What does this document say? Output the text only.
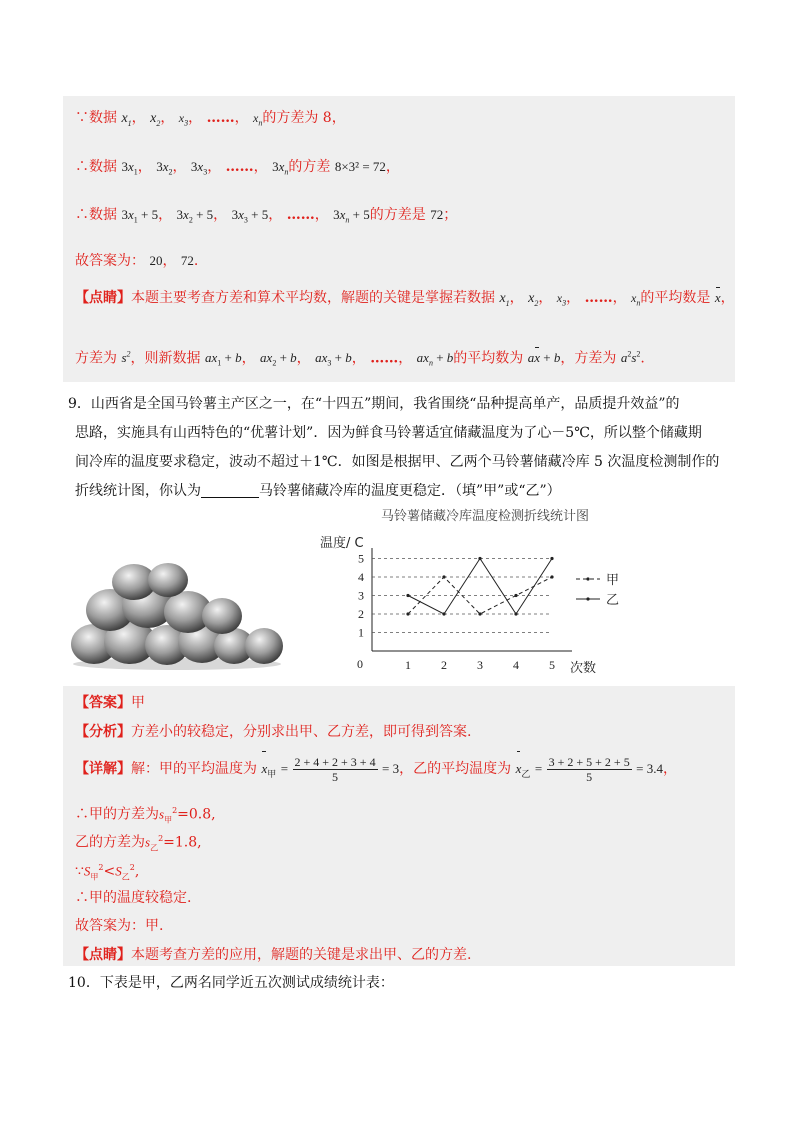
∵数据 $x_1$， $x_2$， $x_3$， ……， $x_n$的方差为 8，
∴数据 $3x_1$， $3x_2$， $3x_3$， ……， $3x_n$的方差 8×3² = 72，
∴数据 $3x_1 + 5$， $3x_2 + 5$， $3x_3 + 5$， ……， $3x_n + 5$的方差是 72；
故答案为： 20， 72.
【点睛】本题主要考查方差和算术平均数，解题的关键是掌握若数据 $x_1$， $x_2$， $x_3$， ……， $x_n$的平均数是 x，
方差为 $s^2$，则新数据 $ax_1 + b$， $ax_2 + b$， $ax_3 + b$， ……， $ax_n + b$的平均数为 ax + b，方差为 $a^2s^2$.
9．山西省是全国马铃薯主产区之一，在“十四五”期间，我省围绕“品种提高单产，品质提升效益”的
思路，实施具有山西特色的“优薯计划”．因为鲜食马铃薯适宜储藏温度为了心－5℃，所以整个储藏期
间冷库的温度要求稳定，波动不超过＋1℃．如图是根据甲、乙两个马铃薯储藏冷库 5 次温度检测制作的
折线统计图，你认为	马铃薯储藏冷库的温度更稳定．（填”甲”或“乙”）
马铃薯储藏冷库温度检测折线统计图
温度/ C
次数
0
1
2
3
4
5
1	2	3	4	5
甲
乙
【答案】甲
【分析】方差小的较稳定，分别求出甲、乙方差，即可得到答案.
【详解】解：甲的平均温度为 $x_甲 = \frac{2 + 4 + 2 + 3 + 4}{5} = 3$，乙的平均温度为 $x_乙 = \frac{3 + 2 + 5 + 2 + 5}{5} = 3.4$，
∴甲的方差为$s_甲^2=0.8$,
乙的方差为$s_乙^2=1.8$,
$\because S_甲^2<S_乙^2$,
∴甲的温度较稳定.
故答案为：甲.
【点睛】本题考查方差的应用，解题的关键是求出甲、乙的方差.
10．下表是甲，乙两名同学近五次测试成绩统计表：
